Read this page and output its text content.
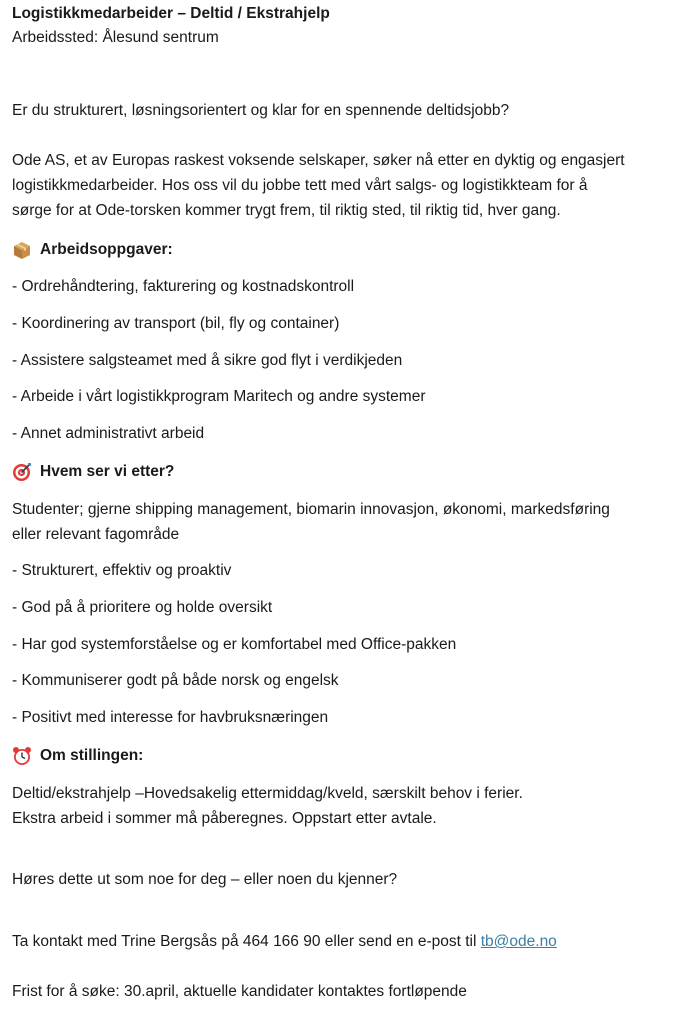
Logistikkmedarbeider – Deltid / Ekstrahjelp
Arbeidssted: Ålesund sentrum
Er du strukturert, løsningsorientert og klar for en spennende deltidsjobb?
Ode AS, et av Europas raskest voksende selskaper, søker nå etter en dyktig og engasjert
logistikkmedarbeider. Hos oss vil du jobbe tett med vårt salgs- og logistikkteam for å
sørge for at Ode-torsken kommer trygt frem, til riktig sted, til riktig tid, hver gang.
Arbeidsoppgaver:
- Ordrehåndtering, fakturering og kostnadskontroll
- Koordinering av transport (bil, fly og container)
- Assistere salgsteamet med å sikre god flyt i verdikjeden
- Arbeide i vårt logistikkprogram Maritech og andre systemer
- Annet administrativt arbeid
Hvem ser vi etter?
Studenter; gjerne shipping management, biomarin innovasjon, økonomi, markedsføring
eller relevant fagområde
- Strukturert, effektiv og proaktiv
- God på å prioritere og holde oversikt
- Har god systemforståelse og er komfortabel med Office-pakken
- Kommuniserer godt på både norsk og engelsk
- Positivt med interesse for havbruksnæringen
Om stillingen:
Deltid/ekstrahjelp –Hovedsakelig ettermiddag/kveld, særskilt behov i ferier.
Ekstra arbeid i sommer må påberegnes. Oppstart etter avtale.
Høres dette ut som noe for deg – eller noen du kjenner?
Ta kontakt med Trine Bergsås på 464 166 90 eller send en e-post til tb@ode.no
Frist for å søke: 30.april, aktuelle kandidater kontaktes fortløpende
